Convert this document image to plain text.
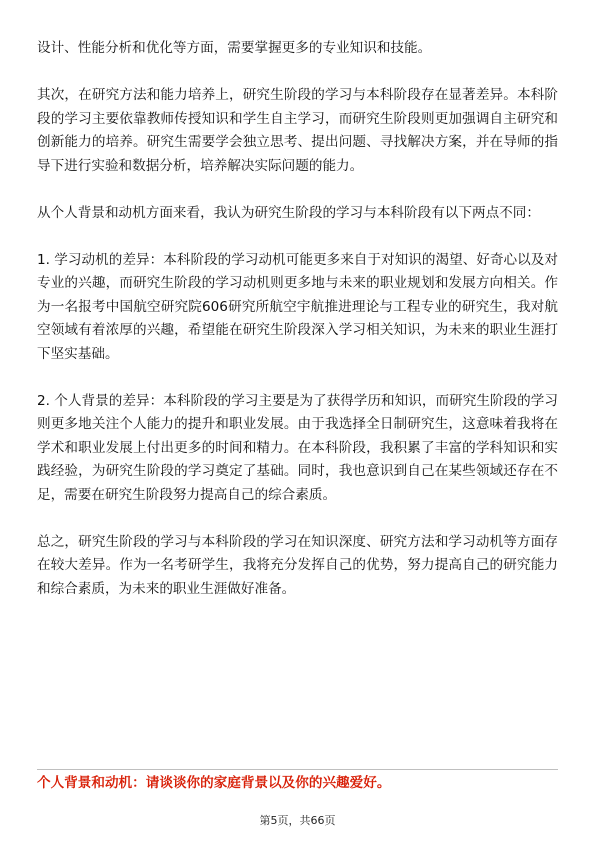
设计、性能分析和优化等方面，需要掌握更多的专业知识和技能。

其次，在研究方法和能力培养上，研究生阶段的学习与本科阶段存在显著差异。本科阶段的学习主要依靠教师传授知识和学生自主学习，而研究生阶段则更加强调自主研究和创新能力的培养。研究生需要学会独立思考、提出问题、寻找解决方案，并在导师的指导下进行实验和数据分析，培养解决实际问题的能力。

从个人背景和动机方面来看，我认为研究生阶段的学习与本科阶段有以下两点不同：

1. 学习动机的差异：本科阶段的学习动机可能更多来自于对知识的渴望、好奇心以及对专业的兴趣，而研究生阶段的学习动机则更多地与未来的职业规划和发展方向相关。作为一名报考中国航空研究院606研究所航空宇航推进理论与工程专业的研究生，我对航空领域有着浓厚的兴趣，希望能在研究生阶段深入学习相关知识，为未来的职业生涯打下坚实基础。

2. 个人背景的差异：本科阶段的学习主要是为了获得学历和知识，而研究生阶段的学习则更多地关注个人能力的提升和职业发展。由于我选择全日制研究生，这意味着我将在学术和职业发展上付出更多的时间和精力。在本科阶段，我积累了丰富的学科知识和实践经验，为研究生阶段的学习奠定了基础。同时，我也意识到自己在某些领域还存在不足，需要在研究生阶段努力提高自己的综合素质。

总之，研究生阶段的学习与本科阶段的学习在知识深度、研究方法和学习动机等方面存在较大差异。作为一名考研学生，我将充分发挥自己的优势，努力提高自己的研究能力和综合素质，为未来的职业生涯做好准备。

个人背景和动机：请谈谈你的家庭背景以及你的兴趣爱好。

第5页，共66页
